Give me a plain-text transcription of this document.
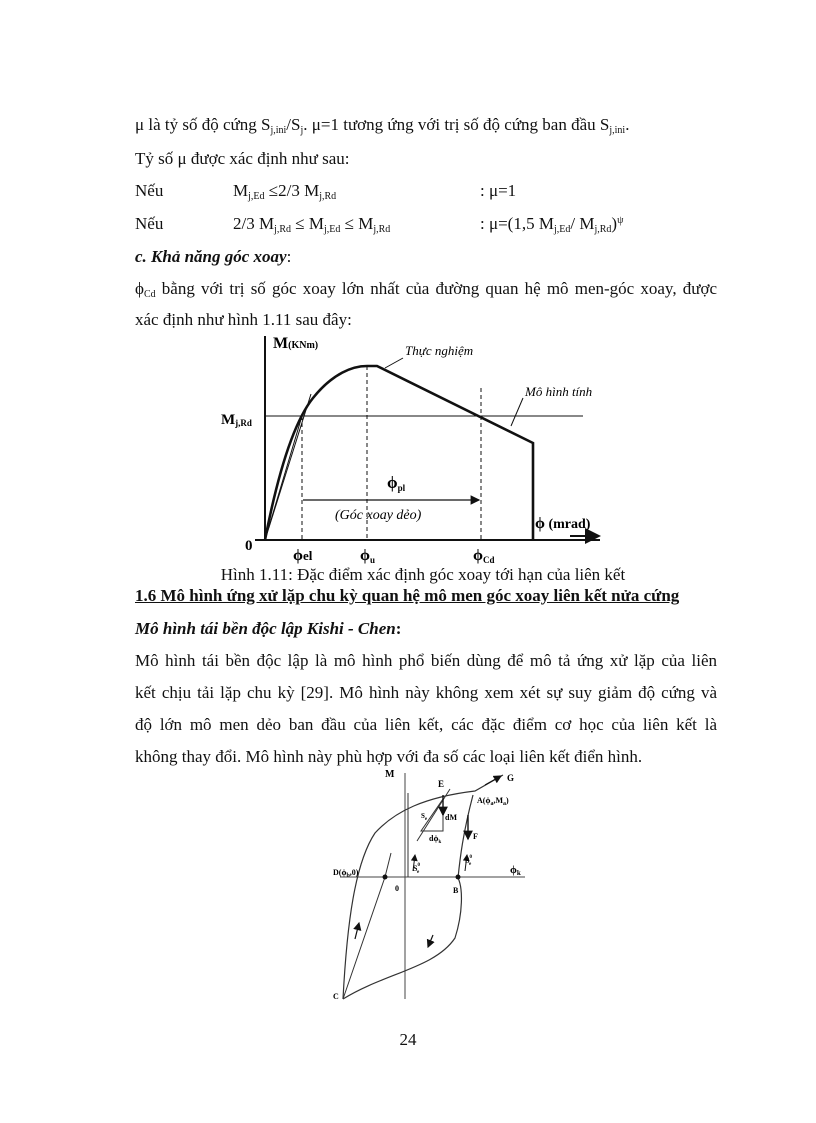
μ là tỷ số độ cứng $S_{j,ini}/S_j$. μ=1 tương ứng với trị số độ cứng ban đầu $S_{j,ini}$.
Tỷ số μ được xác định như sau:
Nếu	$M_{j,Ed} \le 2/3$ $M_{j,Rd}$	: μ=1
Nếu	2/3 $M_{j,Rd} \le M_{j,Ed} \le M_{j,Rd}$	: μ=(1,5 $M_{j,Ed}/$ $M_{j,Rd})^\psi$
c. Khả năng góc xoay:
$\phi_{Cd}$ bằng với trị số góc xoay lớn nhất của đường quan hệ mô men-góc xoay, được
xác định như hình 1.11 sau đây:
M(KNm)
Mj,Rd
ϕpl
(Góc xoay dẻo)	ϕ (mrad)
0
Thực nghiệm
Mô hình tính
ϕel	ϕu	ϕCd
Hình 1.11: Đặc điểm xác định góc xoay tới hạn của liên kết
1.6 Mô hình ứng xử lặp chu kỳ quan hệ mô men góc xoay liên kết nửa cứng
Mô hình tái bền độc lập Kishi - Chen:
Mô hình tái bền độc lập là mô hình phổ biến dùng để mô tả ứng xử lặp của liên
kết chịu tải lặp chu kỳ [29]. Mô hình này không xem xét sự suy giảm độ cứng và
độ lớn mô men dẻo ban đầu của liên kết, các đặc điểm cơ học của liên kết là
không thay đổi. Mô hình này phù hợp với đa số các loại liên kết điển hình.
M
ϕk
E
G
$A(\phi_a,M_a)$
F
B
C
0
$D(\phi_b,0)$
$S_e$ dM
$d\phi_k$
$S^0$ e
$S^0$ e
24
